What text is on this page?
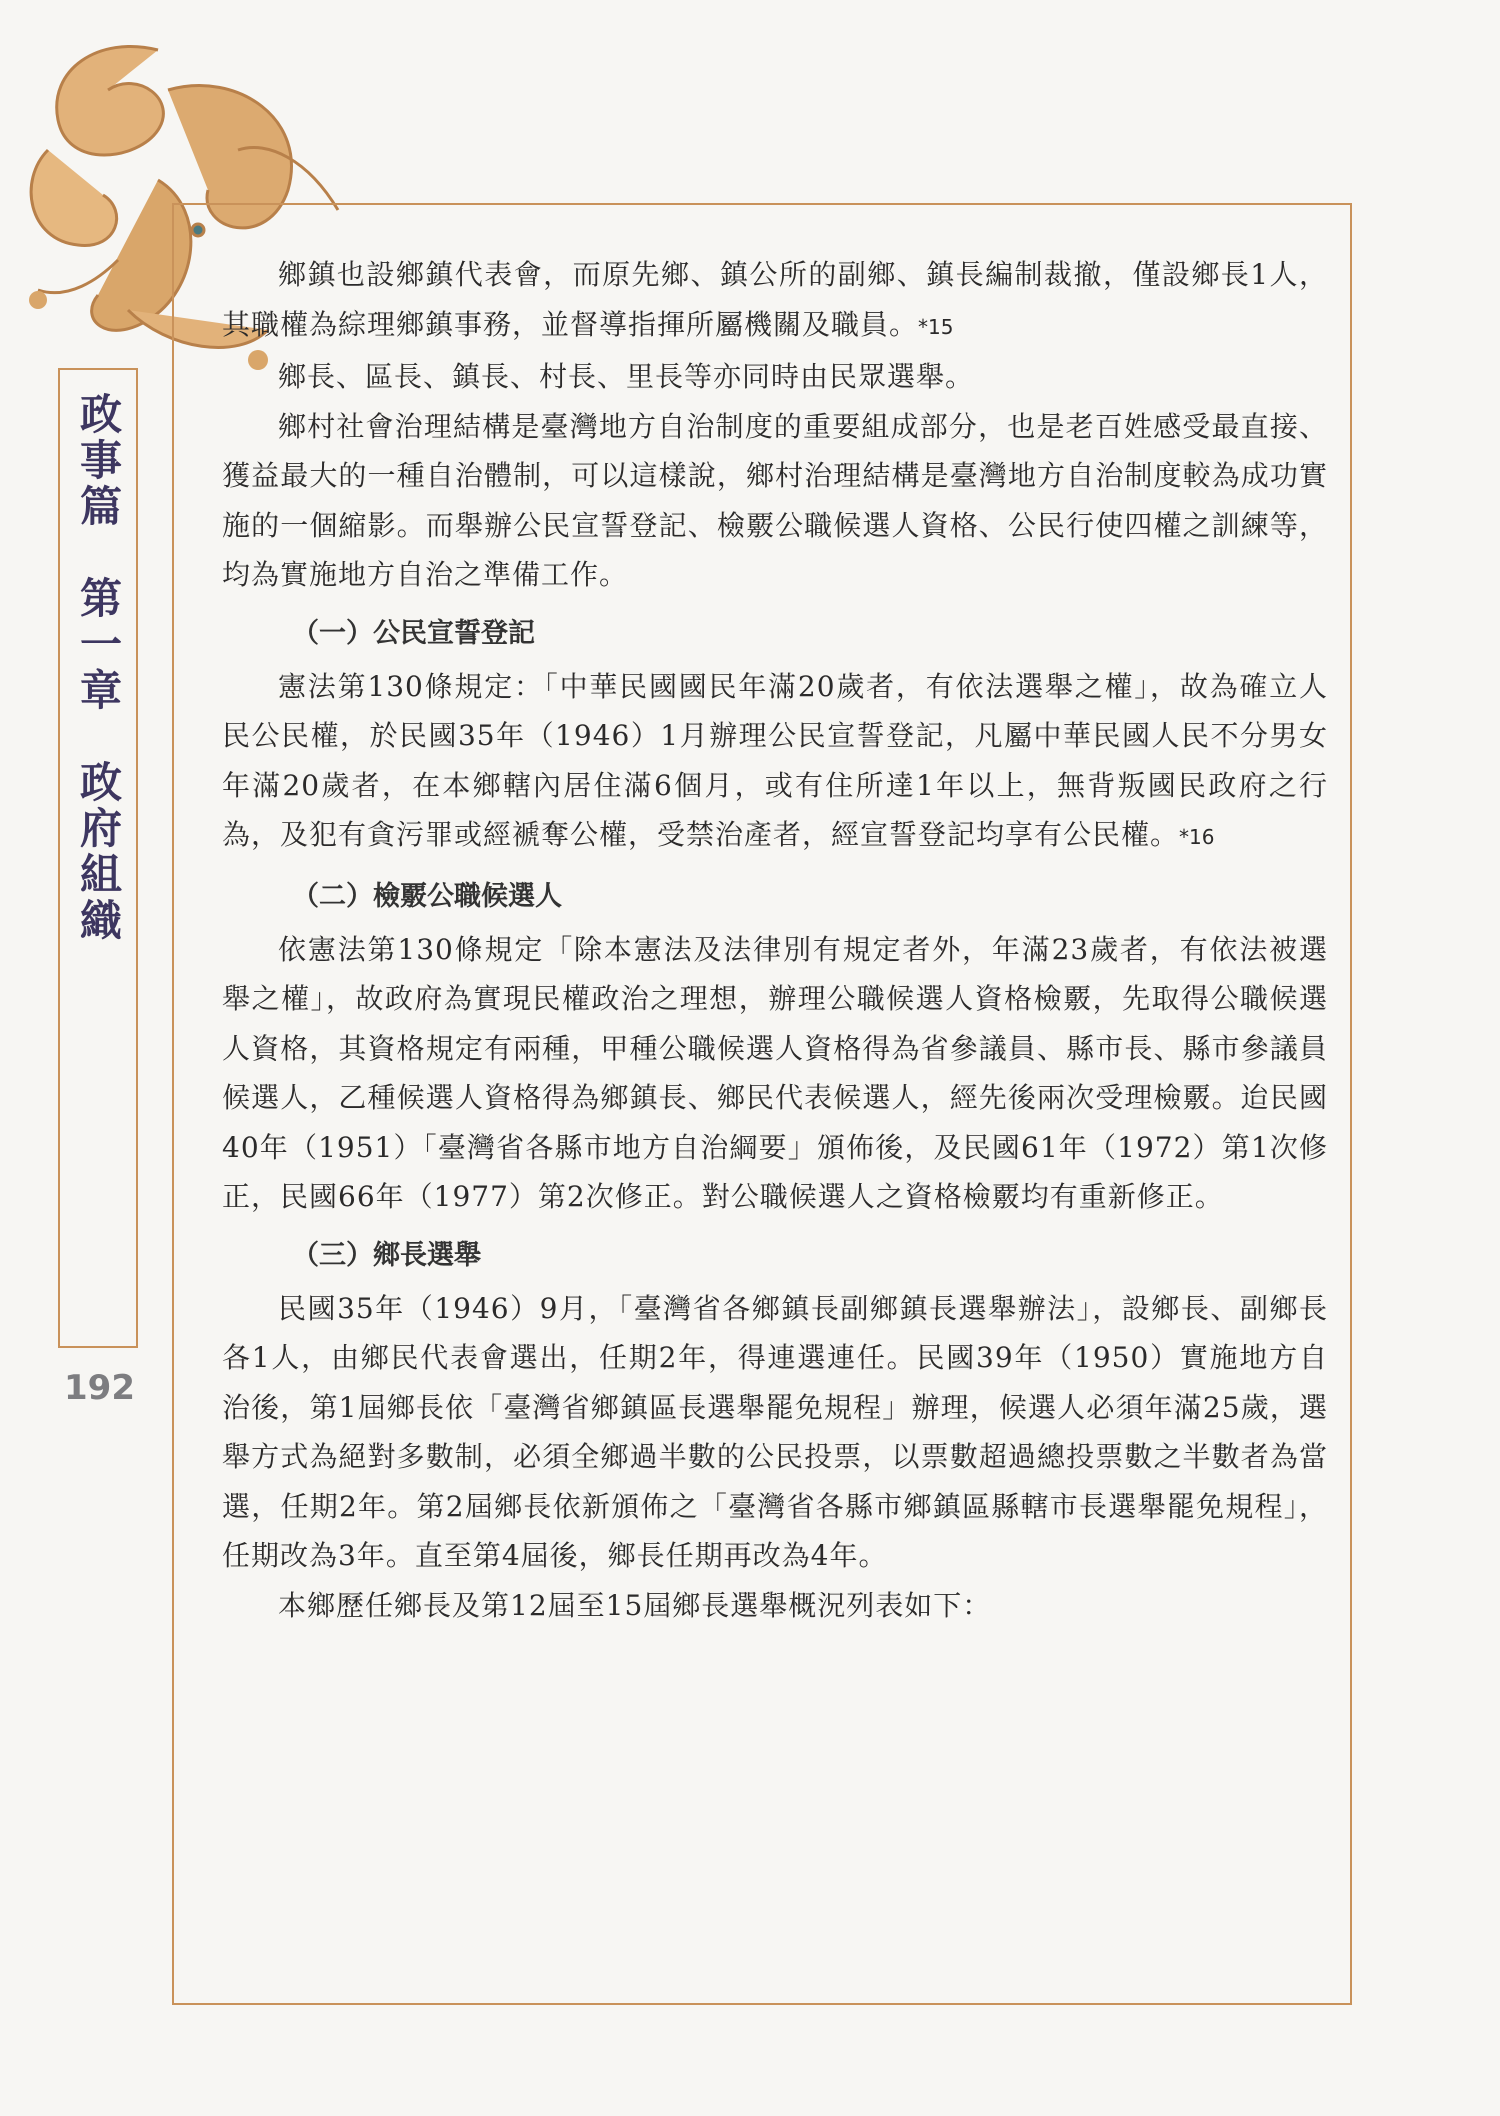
政事篇　第一章　政府組織
192

鄉鎮也設鄉鎮代表會，而原先鄉、鎮公所的副鄉、鎮長編制裁撤，僅設鄉長1人，其職權為綜理鄉鎮事務，並督導指揮所屬機關及職員。*15

鄉長、區長、鎮長、村長、里長等亦同時由民眾選舉。

鄉村社會治理結構是臺灣地方自治制度的重要組成部分，也是老百姓感受最直接、獲益最大的一種自治體制，可以這樣說，鄉村治理結構是臺灣地方自治制度較為成功實施的一個縮影。而舉辦公民宣誓登記、檢覈公職候選人資格、公民行使四權之訓練等，均為實施地方自治之準備工作。

（一）公民宣誓登記

憲法第130條規定：「中華民國國民年滿20歲者，有依法選舉之權」，故為確立人民公民權，於民國35年（1946）1月辦理公民宣誓登記，凡屬中華民國人民不分男女年滿20歲者，在本鄉轄內居住滿6個月，或有住所達1年以上，無背叛國民政府之行為，及犯有貪污罪或經褫奪公權，受禁治產者，經宣誓登記均享有公民權。*16

（二）檢覈公職候選人

依憲法第130條規定「除本憲法及法律別有規定者外，年滿23歲者，有依法被選舉之權」，故政府為實現民權政治之理想，辦理公職候選人資格檢覈，先取得公職候選人資格，其資格規定有兩種，甲種公職候選人資格得為省參議員、縣市長、縣市參議員候選人，乙種候選人資格得為鄉鎮長、鄉民代表候選人，經先後兩次受理檢覈。迨民國40年（1951）「臺灣省各縣市地方自治綱要」頒佈後，及民國61年（1972）第1次修正，民國66年（1977）第2次修正。對公職候選人之資格檢覈均有重新修正。

（三）鄉長選舉

民國35年（1946）9月，「臺灣省各鄉鎮長副鄉鎮長選舉辦法」，設鄉長、副鄉長各1人，由鄉民代表會選出，任期2年，得連選連任。民國39年（1950）實施地方自治後，第1屆鄉長依「臺灣省鄉鎮區長選舉罷免規程」辦理，候選人必須年滿25歲，選舉方式為絕對多數制，必須全鄉過半數的公民投票，以票數超過總投票數之半數者為當選，任期2年。第2屆鄉長依新頒佈之「臺灣省各縣市鄉鎮區縣轄市長選舉罷免規程」，任期改為3年。直至第4屆後，鄉長任期再改為4年。

本鄉歷任鄉長及第12屆至15屆鄉長選舉概況列表如下：
